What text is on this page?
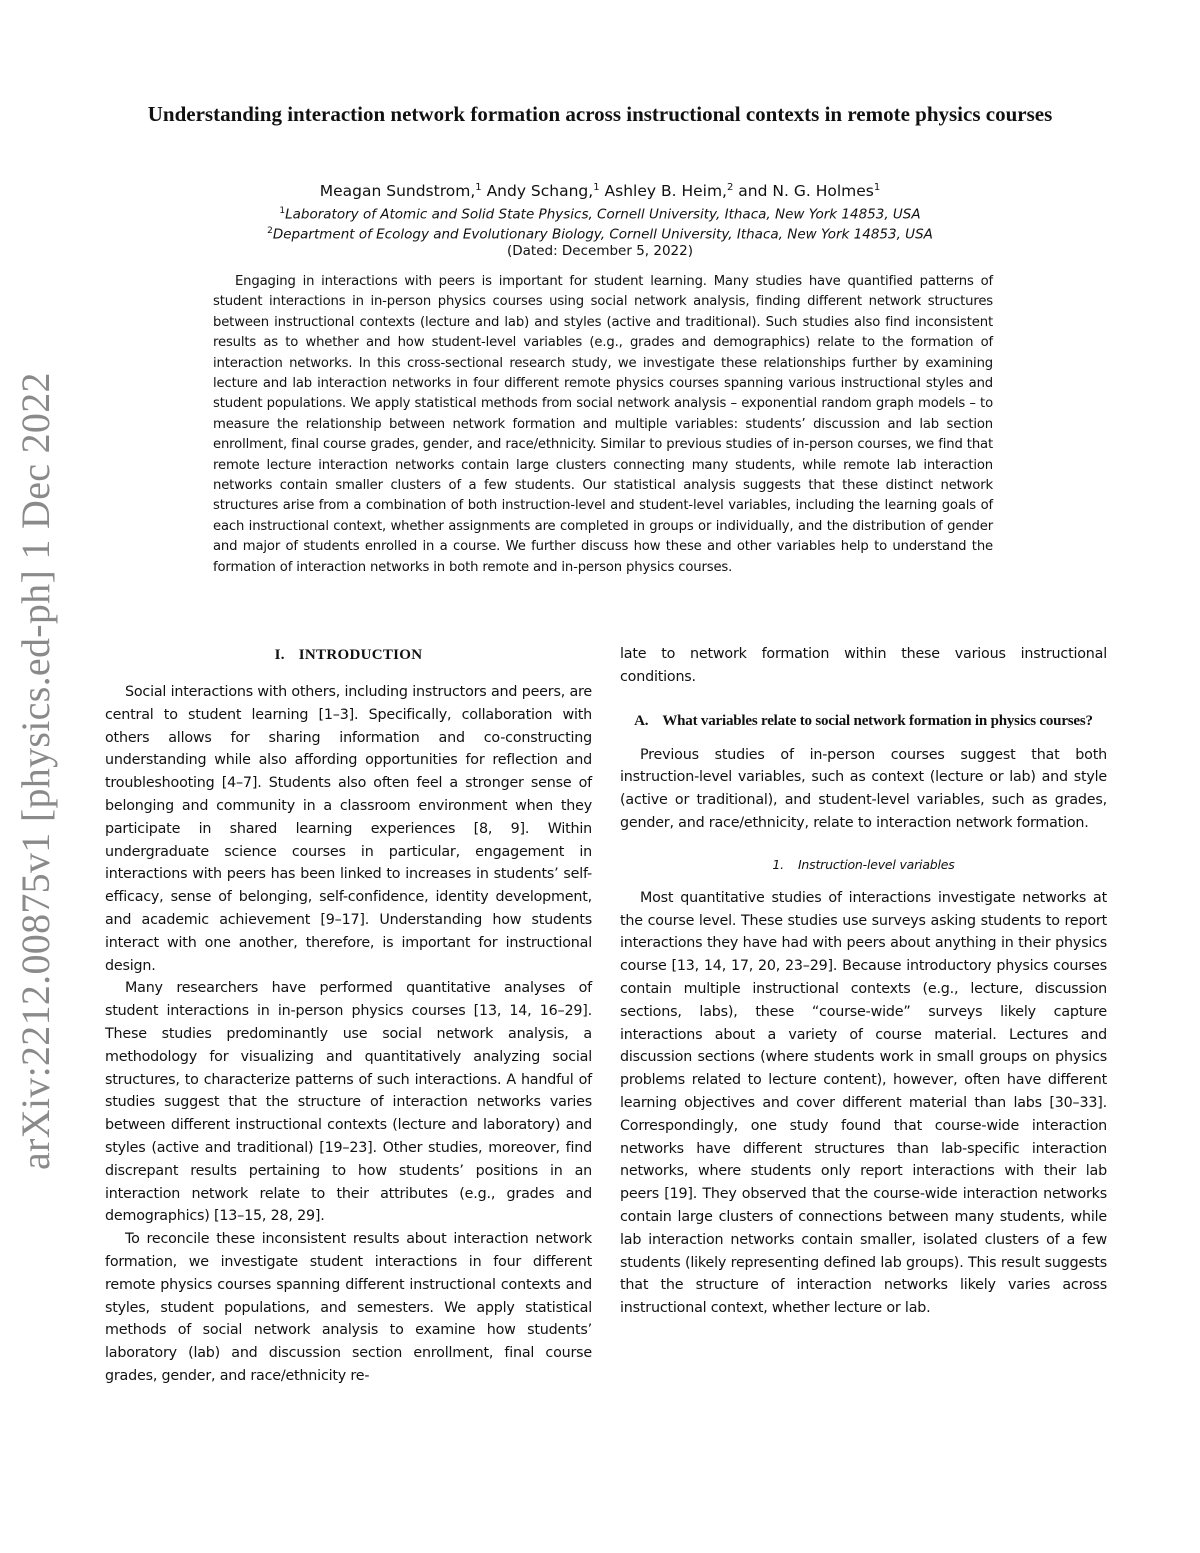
arXiv:2212.00875v1 [physics.ed-ph] 1 Dec 2022
Understanding interaction network formation across instructional contexts in remote physics courses
Meagan Sundstrom,$^1$ Andy Schang,$^1$ Ashley B. Heim,$^2$ and N. G. Holmes$^1$
$^1$Laboratory of Atomic and Solid State Physics, Cornell University, Ithaca, New York 14853, USA
$^2$Department of Ecology and Evolutionary Biology, Cornell University, Ithaca, New York 14853, USA
(Dated: December 5, 2022)
Engaging in interactions with peers is important for student learning. Many studies have quantified patterns of student interactions in in-person physics courses using social network analysis, finding different network structures between instructional contexts (lecture and lab) and styles (active and traditional). Such studies also find inconsistent results as to whether and how student-level variables (e.g., grades and demographics) relate to the formation of interaction networks. In this cross-sectional research study, we investigate these relationships further by examining lecture and lab interaction networks in four different remote physics courses spanning various instructional styles and student populations. We apply statistical methods from social network analysis – exponential random graph models – to measure the relationship between network formation and multiple variables: students’ discussion and lab section enrollment, final course grades, gender, and race/ethnicity. Similar to previous studies of in-person courses, we find that remote lecture interaction networks contain large clusters connecting many students, while remote lab interaction networks contain smaller clusters of a few students. Our statistical analysis suggests that these distinct network structures arise from a combination of both instruction-level and student-level variables, including the learning goals of each instructional context, whether assignments are completed in groups or individually, and the distribution of gender and major of students enrolled in a course. We further discuss how these and other variables help to understand the formation of interaction networks in both remote and in-person physics courses.
I. INTRODUCTION

Social interactions with others, including instructors and peers, are central to student learning [1–3]. Specifically, collaboration with others allows for sharing information and co-constructing understanding while also affording opportunities for reflection and troubleshooting [4–7]. Students also often feel a stronger sense of belonging and community in a classroom environment when they participate in shared learning experiences [8, 9]. Within undergraduate science courses in particular, engagement in interactions with peers has been linked to increases in students’ self-efficacy, sense of belonging, self-confidence, identity development, and academic achievement [9–17]. Understanding how students interact with one another, therefore, is important for instructional design.

Many researchers have performed quantitative analyses of student interactions in in-person physics courses [13, 14, 16–29]. These studies predominantly use social network analysis, a methodology for visualizing and quantitatively analyzing social structures, to characterize patterns of such interactions. A handful of studies suggest that the structure of interaction networks varies between different instructional contexts (lecture and laboratory) and styles (active and traditional) [19–23]. Other studies, moreover, find discrepant results pertaining to how students’ positions in an interaction network relate to their attributes (e.g., grades and demographics) [13–15, 28, 29].

To reconcile these inconsistent results about interaction network formation, we investigate student interactions in four different remote physics courses spanning different instructional contexts and styles, student populations, and semesters. We apply statistical methods of social network analysis to examine how students’ laboratory (lab) and discussion section enrollment, final course grades, gender, and race/ethnicity re-

late to network formation within these various instructional conditions.

A. What variables relate to social network formation in physics courses?

Previous studies of in-person courses suggest that both instruction-level variables, such as context (lecture or lab) and style (active or traditional), and student-level variables, such as grades, gender, and race/ethnicity, relate to interaction network formation.

1. Instruction-level variables

Most quantitative studies of interactions investigate networks at the course level. These studies use surveys asking students to report interactions they have had with peers about anything in their physics course [13, 14, 17, 20, 23–29]. Because introductory physics courses contain multiple instructional contexts (e.g., lecture, discussion sections, labs), these “course-wide” surveys likely capture interactions about a variety of course material. Lectures and discussion sections (where students work in small groups on physics problems related to lecture content), however, often have different learning objectives and cover different material than labs [30–33]. Correspondingly, one study found that course-wide interaction networks have different structures than lab-specific interaction networks, where students only report interactions with their lab peers [19]. They observed that the course-wide interaction networks contain large clusters of connections between many students, while lab interaction networks contain smaller, isolated clusters of a few students (likely representing defined lab groups). This result suggests that the structure of interaction networks likely varies across instructional context, whether lecture or lab.
